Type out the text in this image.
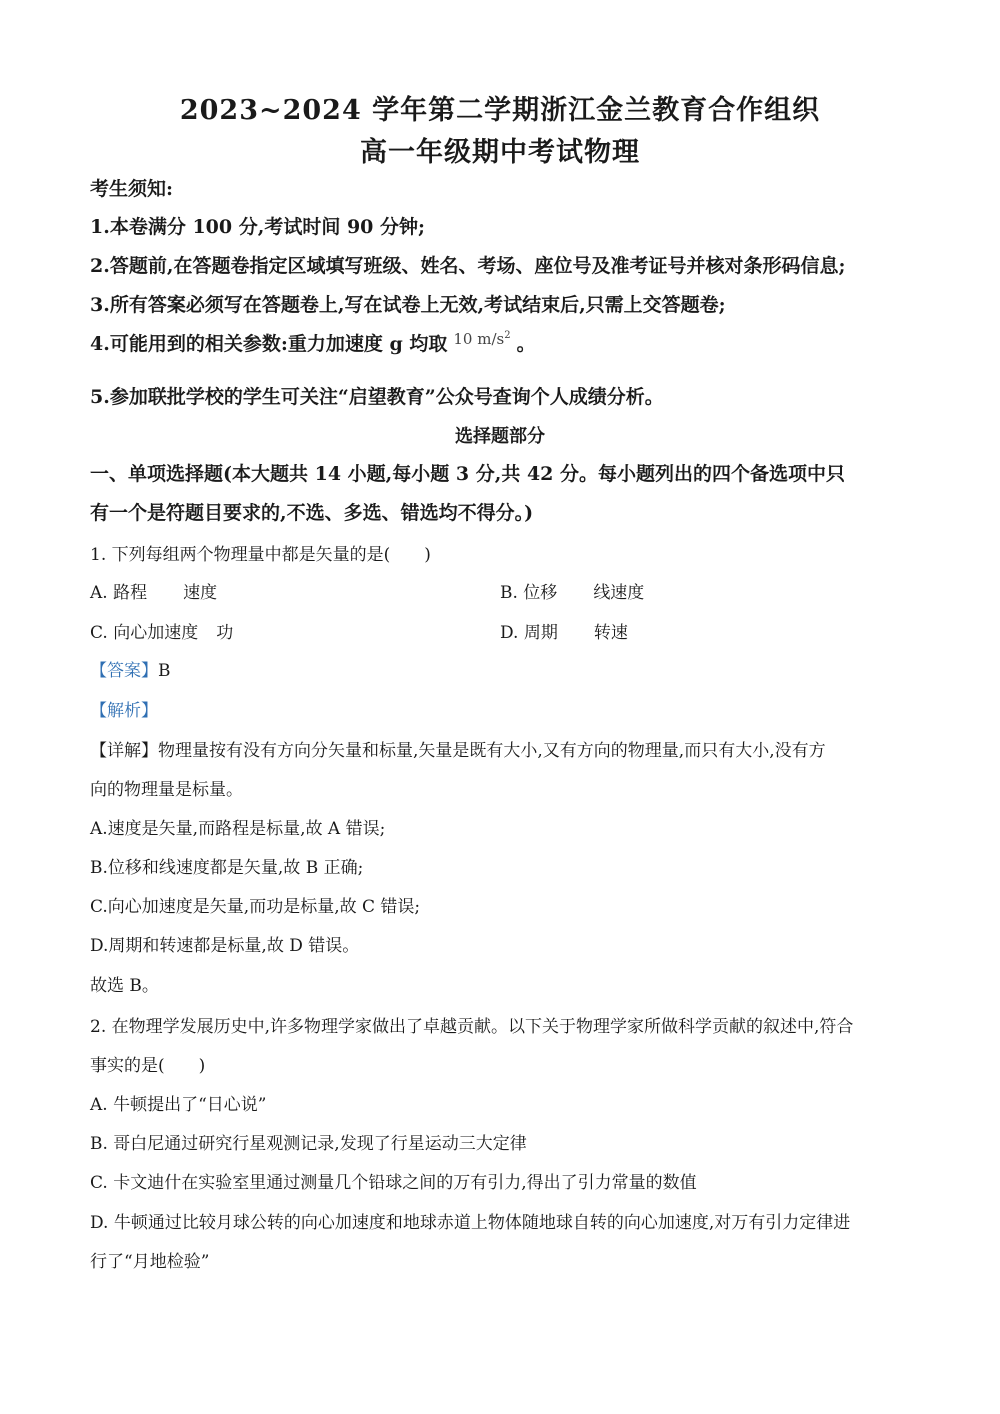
2023~2024 学年第二学期浙江金兰教育合作组织
高一年级期中考试物理
考生须知:
1.本卷满分 100 分,考试时间 90 分钟;
2.答题前,在答题卷指定区域填写班级、姓名、考场、座位号及准考证号并核对条形码信息;
3.所有答案必须写在答题卷上,写在试卷上无效,考试结束后,只需上交答题卷;
4.可能用到的相关参数:重力加速度 g 均取 $^{10 m/s^2}$ 。
5.参加联批学校的学生可关注“启望教育”公众号查询个人成绩分析。
选择题部分
一、单项选择题(本大题共 14 小题,每小题 3 分,共 42 分。每小题列出的四个备选项中只
有一个是符题目要求的,不选、多选、错选均不得分。)
1. 下列每组两个物理量中都是矢量的是(　　)
A. 路程 速度	B. 位移 线速度
C. 向心加速度 功	D. 周期 转速
【答案】B
【解析】
【详解】物理量按有没有方向分矢量和标量,矢量是既有大小,又有方向的物理量,而只有大小,没有方
向的物理量是标量。
A.速度是矢量,而路程是标量,故 A 错误;
B.位移和线速度都是矢量,故 B 正确;
C.向心加速度是矢量,而功是标量,故 C 错误;
D.周期和转速都是标量,故 D 错误。
故选 B。
2. 在物理学发展历史中,许多物理学家做出了卓越贡献。以下关于物理学家所做科学贡献的叙述中,符合
事实的是(　　)
A. 牛顿提出了“日心说”
B. 哥白尼通过研究行星观测记录,发现了行星运动三大定律
C. 卡文迪什在实验室里通过测量几个铅球之间的万有引力,得出了引力常量的数值
D. 牛顿通过比较月球公转的向心加速度和地球赤道上物体随地球自转的向心加速度,对万有引力定律进
行了“月地检验”
